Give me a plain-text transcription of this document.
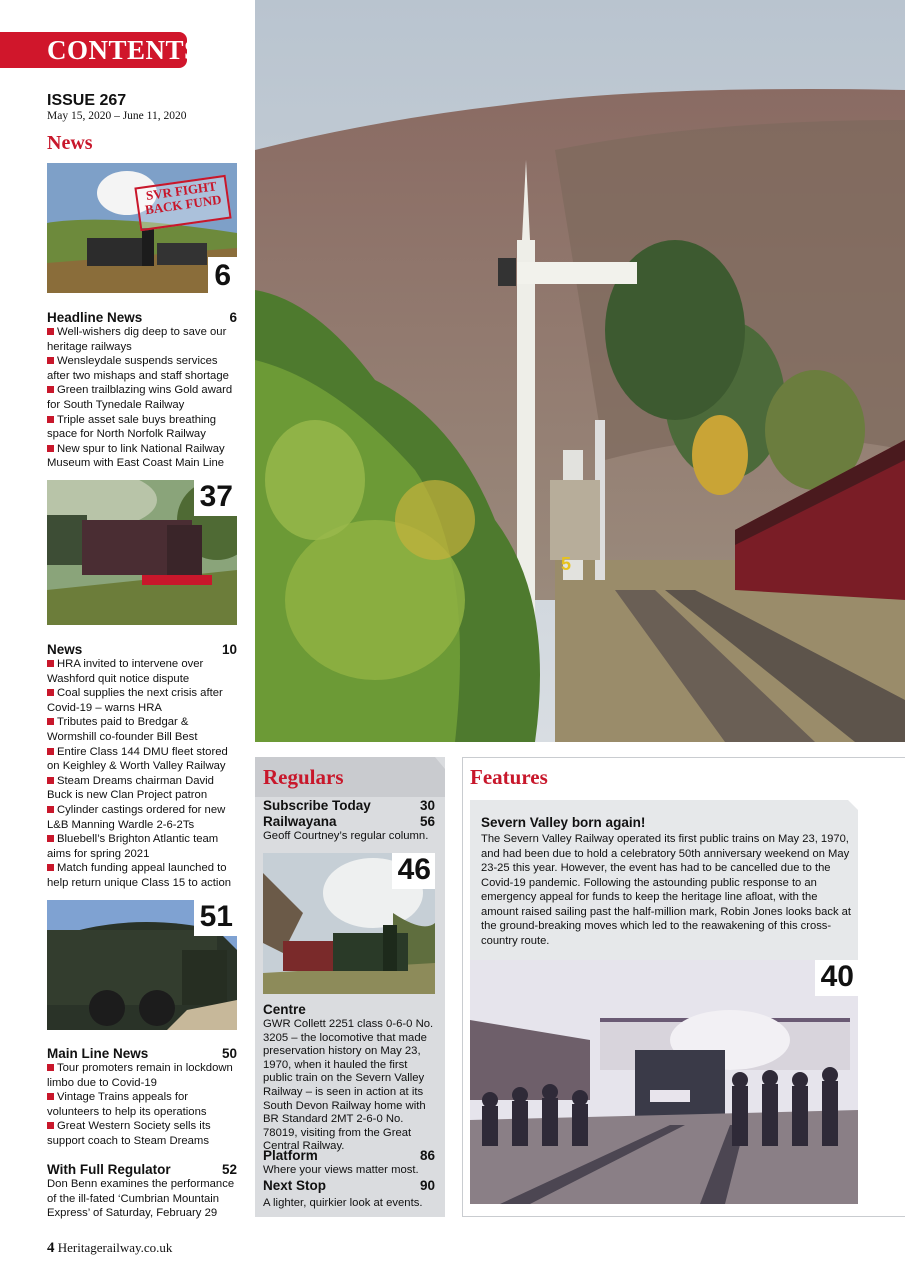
5
CONTENTS
ISSUE 267
May 15, 2020 – June 11, 2020
News
SVR FIGHT BACK FUND
6
Headline News	6
Well-wishers dig deep to save our heritage railways
Wensleydale suspends services after two mishaps and staff shortage
Green trailblazing wins Gold award for South Tynedale Railway
Triple asset sale buys breathing space for North Norfolk Railway
New spur to link National Railway Museum with East Coast Main Line
37
News	10
HRA invited to intervene over Washford quit notice dispute
Coal supplies the next crisis after Covid-19 – warns HRA
Tributes paid to Bredgar & Wormshill co-founder Bill Best
Entire Class 144 DMU fleet stored on Keighley & Worth Valley Railway
Steam Dreams chairman David Buck is new Clan Project patron
Cylinder castings ordered for new L&B Manning Wardle 2-6-2Ts
Bluebell’s Brighton Atlantic team aims for spring 2021
Match funding appeal launched to help return unique Class 15 to action
51
Main Line News	50
Tour promoters remain in lockdown limbo due to Covid-19
Vintage Trains appeals for volunteers to help its operations
Great Western Society sells its support coach to Steam Dreams
With Full Regulator	52
Don Benn examines the performance of the ill-fated ‘Cumbrian Mountain Express’ of Saturday, February 29
4 Heritagerailway.co.uk
Regulars
Subscribe Today	30
Railwayana	56
Geoff Courtney’s regular column.
46
Centre
GWR Collett 2251 class 0-6-0 No. 3205 – the locomotive that made preservation history on May 23, 1970, when it hauled the first public train on the Severn Valley Railway – is seen in action at its South Devon Railway home with BR Standard 2MT 2-6-0 No. 78019, visiting from the Great Central Railway.
Platform	86
Where your views matter most.
Next Stop	90
A lighter, quirkier look at events.
Features
Severn Valley born again!
The Severn Valley Railway operated its first public trains on May 23, 1970, and had been due to hold a celebratory 50th anniversary weekend on May 23-25 this year. However, the event has had to be cancelled due to the Covid-19 pandemic. Following the astounding public response to an emergency appeal for funds to keep the heritage line afloat, with the amount raised sailing past the half-million mark, Robin Jones looks back at the ground-breaking moves which led to the reawakening of this cross-country route.
40
